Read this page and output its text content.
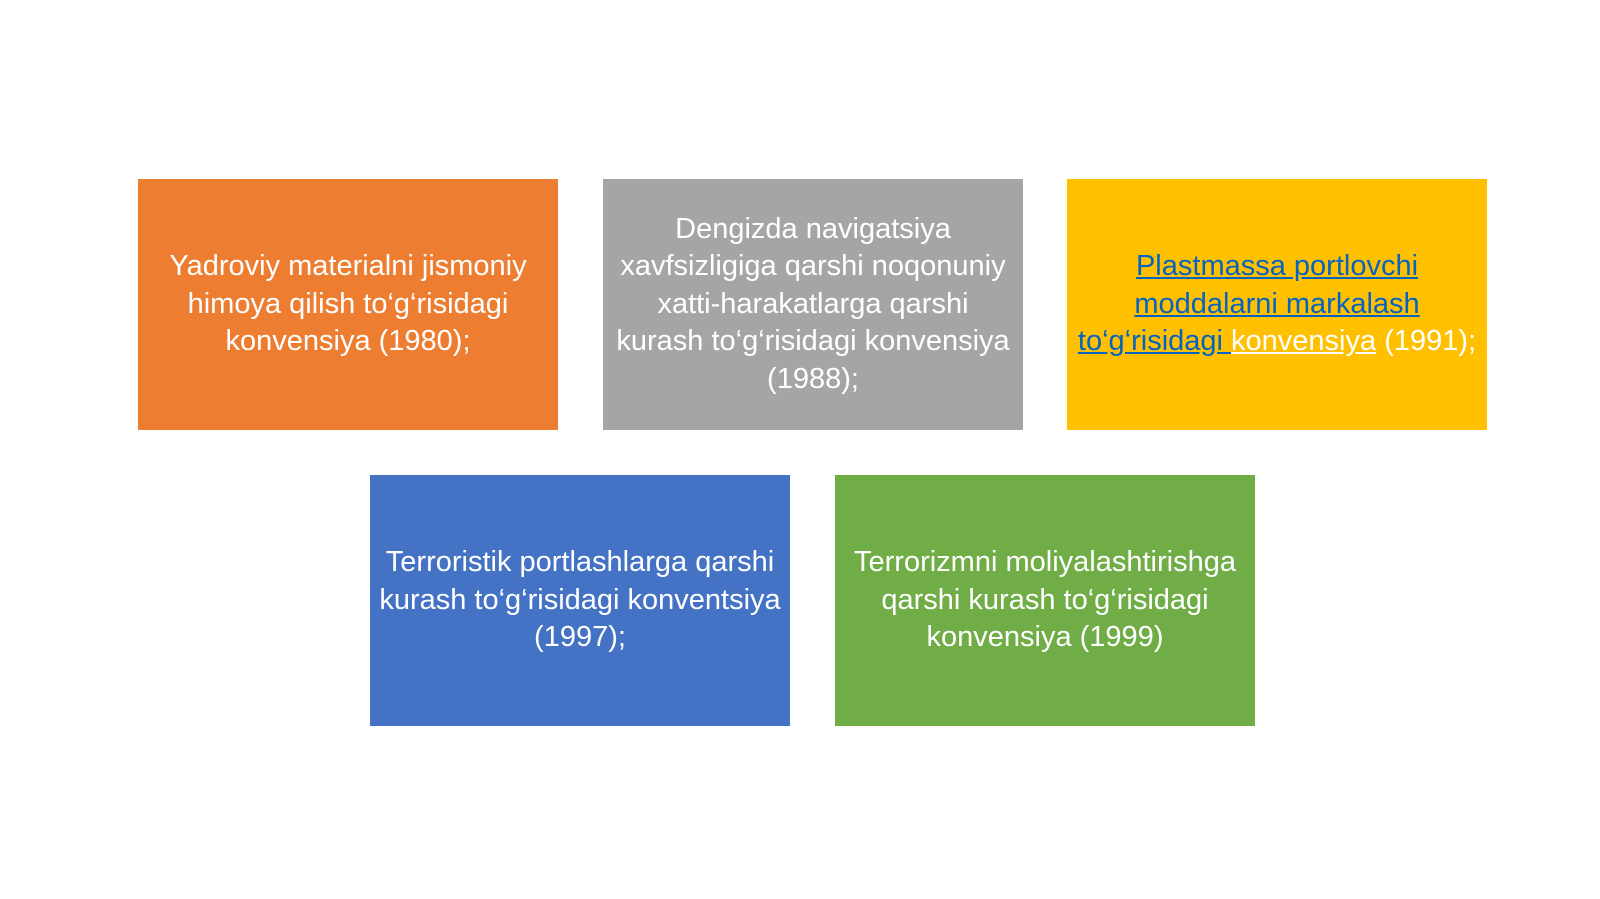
Yadroviy materialni jismoniy himoya qilish to‘g‘risidagi konvensiya (1980);
Dengizda navigatsiya xavfsizligiga qarshi noqonuniy xatti-harakatlarga qarshi kurash to‘g‘risidagi konvensiya (1988);
Plastmassa portlovchi moddalarni markalash to‘g‘risidagi konvensiya (1991);
Terroristik portlashlarga qarshi kurash to‘g‘risidagi konventsiya (1997);
Terrorizmni moliyalashtirishga qarshi kurash to‘g‘risidagi konvensiya (1999)
